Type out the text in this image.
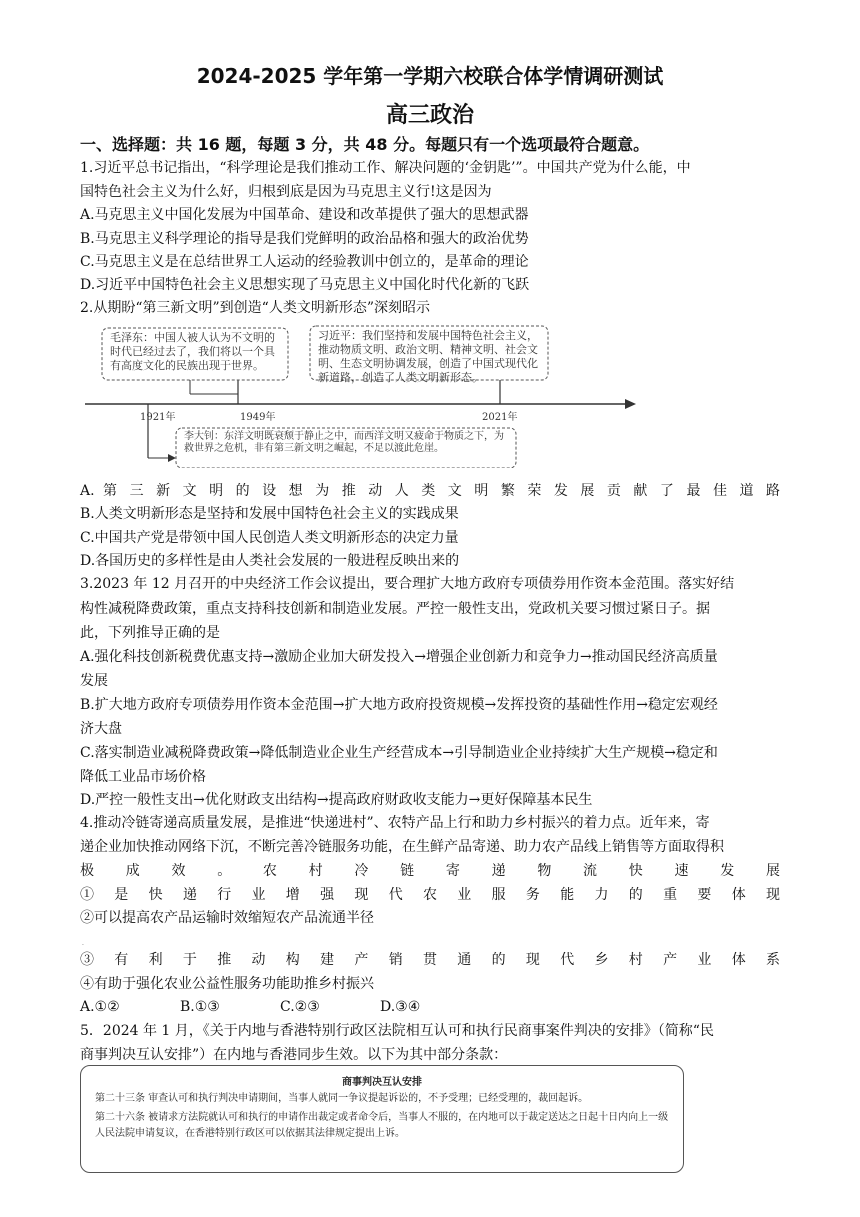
2024-2025 学年第一学期六校联合体学情调研测试
高三政治
一、选择题：共 16 题，每题 3 分，共 48 分。每题只有一个选项最符合题意。
1.习近平总书记指出，“科学理论是我们推动工作、解决问题的‘金钥匙’”。中国共产党为什么能，中
国特色社会主义为什么好，归根到底是因为马克思主义行!这是因为
A.马克思主义中国化发展为中国革命、建设和改革提供了强大的思想武器
B.马克思主义科学理论的指导是我们党鲜明的政治品格和强大的政治优势
C.马克思主义是在总结世界工人运动的经验教训中创立的，是革命的理论
D.习近平中国特色社会主义思想实现了马克思主义中国化时代化新的飞跃
2.从期盼“第三新文明”到创造“人类文明新形态”深刻昭示
毛泽东：中国人被人认为不文明的时代已经过去了，我们将以一个具有高度文化的民族出现于世界。
习近平：我们坚持和发展中国特色社会主义，推动物质文明、政治文明、精神文明、社会文明、生态文明协调发展，创造了中国式现代化新道路，创造了人类文明新形态。
李大钊：东洋文明既衰颓于静止之中，而西洋文明又疲命于物质之下，为救世界之危机，非有第三新文明之崛起，不足以渡此危崖。
1921年	1949年	2021年
A. 第 三 新 文 明 的 设 想 为 推 动 人 类 文 明 繁 荣 发 展 贡 献 了 最 佳 道 路
B.人类文明新形态是坚持和发展中国特色社会主义的实践成果
C.中国共产党是带领中国人民创造人类文明新形态的决定力量
D.各国历史的多样性是由人类社会发展的一般进程反映出来的
3.2023 年 12 月召开的中央经济工作会议提出，要合理扩大地方政府专项债券用作资本金范围。落实好结
构性减税降费政策，重点支持科技创新和制造业发展。严控一般性支出，党政机关要习惯过紧日子。据
此，下列推导正确的是
A.强化科技创新税费优惠支持→激励企业加大研发投入→增强企业创新力和竞争力→推动国民经济高质量
发展
B.扩大地方政府专项债券用作资本金范围→扩大地方政府投资规模→发挥投资的基础性作用→稳定宏观经
济大盘
C.落实制造业减税降费政策→降低制造业企业生产经营成本→引导制造业企业持续扩大生产规模→稳定和
降低工业品市场价格
D.严控一般性支出→优化财政支出结构→提高政府财政收支能力→更好保障基本民生
4.推动冷链寄递高质量发展，是推进“快递进村”、农特产品上行和助力乡村振兴的着力点。近年来，寄
递企业加快推动网络下沉，不断完善冷链服务功能，在生鲜产品寄递、助力农产品线上销售等方面取得积
极 成 效 。 农 村 冷 链 寄 递 物 流 快 速 发 展
① 是 快 递 行 业 增 强 现 代 农 业 服 务 能 力 的 重 要 体 现
②可以提高农产品运输时效缩短农产品流通半径
.
③ 有 利 于 推 动 构 建 产 销 贯 通 的 现 代 乡 村 产 业 体 系
④有助于强化农业公益性服务功能助推乡村振兴
A.①②	B.①③	C.②③	D.③④
5．2024 年 1 月，《关于内地与香港特别行政区法院相互认可和执行民商事案件判决的安排》（简称“民
商事判决互认安排”）在内地与香港同步生效。以下为其中部分条款：
商事判决互认安排
第二十三条 审查认可和执行判决申请期间，当事人就同一争议提起诉讼的，不予受理；已经受理的，裁回起诉。
第二十六条 被请求方法院就认可和执行的申请作出裁定或者命令后，当事人不服的，在内地可以于裁定送达之日起十日内向上一级人民法院申请复议，在香港特别行政区可以依据其法律规定提出上诉。
